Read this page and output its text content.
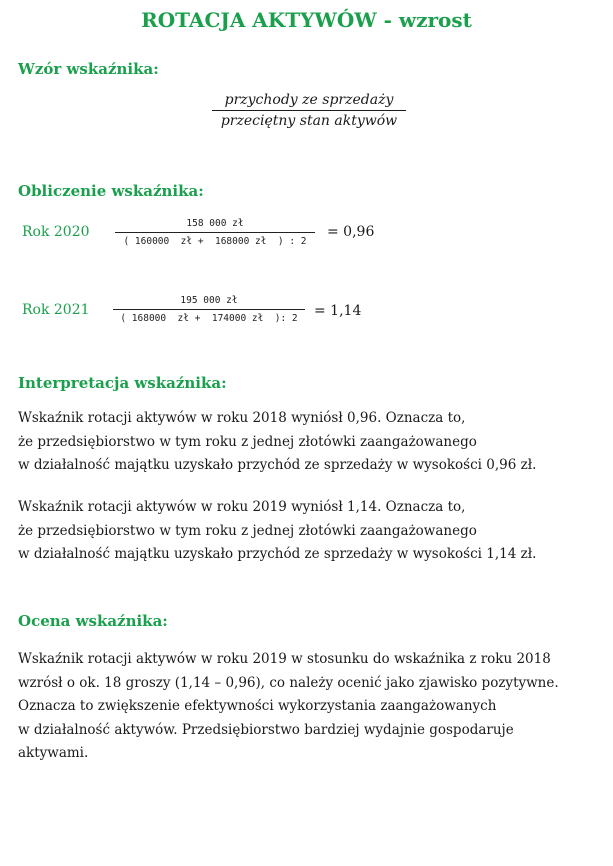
ROTACJA AKTYWÓW - wzrost
Wzór wskaźnika:
przychody ze sprzedaży
przeciętny stan aktywów
Obliczenie wskaźnika:
Rok 2020	$\frac{158 000 zł}{( 160000 zł + 168000 zł ) : 2} = 0,96$
Rok $2021 \frac{195 000 zł}{( 168000 zł + 174000 zł ): 2} = 1,14$
Interpretacja wskaźnika:
Wskaźnik rotacji aktywów w roku 2018 wyniósł 0,96. Oznacza to,
że przedsiębiorstwo w tym roku z jednej złotówki zaangażowanego
w działalność majątku uzyskało przychód ze sprzedaży w wysokości 0,96 zł.
Wskaźnik rotacji aktywów w roku 2019 wyniósł 1,14. Oznacza to,
że przedsiębiorstwo w tym roku z jednej złotówki zaangażowanego
w działalność majątku uzyskało przychód ze sprzedaży w wysokości 1,14 zł.
Ocena wskaźnika:
Wskaźnik rotacji aktywów w roku 2019 w stosunku do wskaźnika z roku 2018
wzrósł o ok. 18 groszy (1,14 – 0,96), co należy ocenić jako zjawisko pozytywne.
Oznacza to zwiększenie efektywności wykorzystania zaangażowanych
w działalność aktywów. Przedsiębiorstwo bardziej wydajnie gospodaruje
aktywami.
